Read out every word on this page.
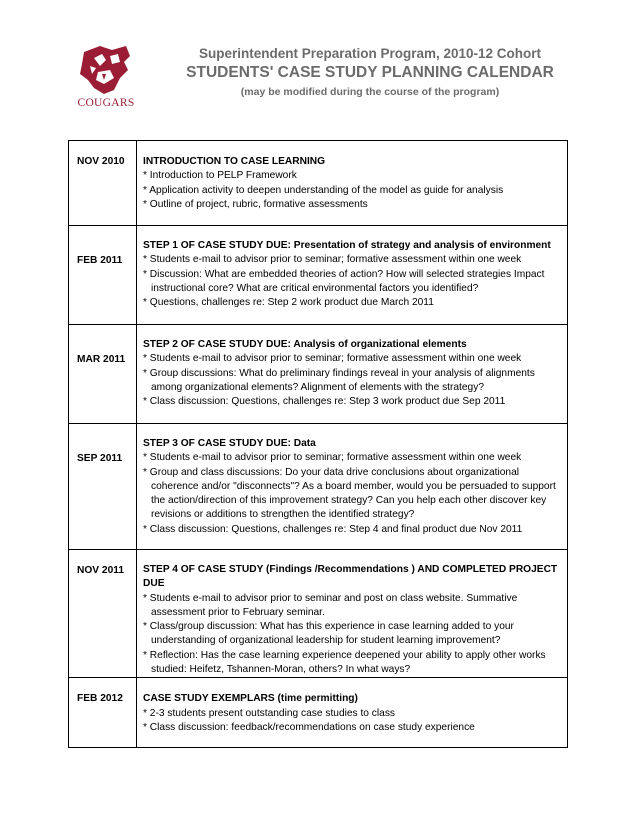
COUGARS
Superintendent Preparation Program, 2010-12 Cohort
STUDENTS' CASE STUDY PLANNING CALENDAR
(may be modified during the course of the program)
NOV 2010	INTRODUCTION TO CASE LEARNING
* Introduction to PELP Framework
* Application activity to deepen understanding of the model as guide for analysis
* Outline of project, rubric, formative assessments

FEB 2011	STEP 1 OF CASE STUDY DUE: Presentation of strategy and analysis of environment
* Students e-mail to advisor prior to seminar; formative assessment within one week
* Discussion: What are embedded theories of action? How will selected strategies Impact instructional core? What are critical environmental factors you identified?
* Questions, challenges re: Step 2 work product due March 2011

MAR 2011	STEP 2 OF CASE STUDY DUE: Analysis of organizational elements
* Students e-mail to advisor prior to seminar; formative assessment within one week
* Group discussions: What do preliminary findings reveal in your analysis of alignments among organizational elements? Alignment of elements with the strategy?
* Class discussion: Questions, challenges re: Step 3 work product due Sep 2011

SEP 2011	STEP 3 OF CASE STUDY DUE: Data
* Students e-mail to advisor prior to seminar; formative assessment within one week
* Group and class discussions: Do your data drive conclusions about organizational coherence and/or "disconnects"? As a board member, would you be persuaded to support the action/direction of this improvement strategy? Can you help each other discover key revisions or additions to strengthen the identified strategy?
* Class discussion: Questions, challenges re: Step 4 and final product due Nov 2011

NOV 2011	STEP 4 OF CASE STUDY (Findings /Recommendations ) AND COMPLETED PROJECT DUE
* Students e-mail to advisor prior to seminar and post on class website. Summative assessment prior to February seminar.
* Class/group discussion: What has this experience in case learning added to your understanding of organizational leadership for student learning improvement?
* Reflection: Has the case learning experience deepened your ability to apply other works studied: Heifetz, Tshannen-Moran, others? In what ways?

FEB 2012	CASE STUDY EXEMPLARS (time permitting)
* 2-3 students present outstanding case studies to class
* Class discussion: feedback/recommendations on case study experience
